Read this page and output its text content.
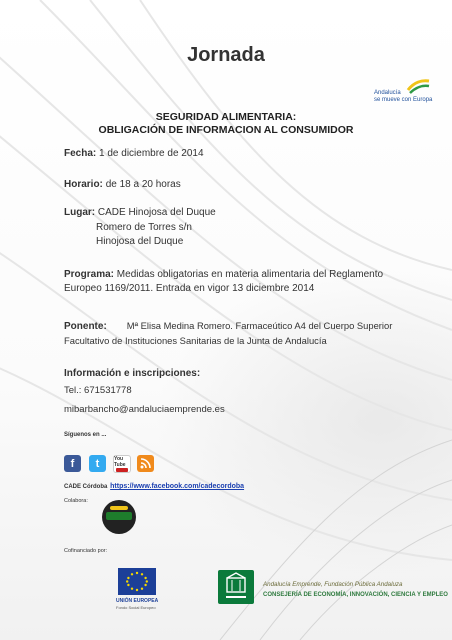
Jornada
Andalucía
se mueve con Europa
SEGURIDAD ALIMENTARIA:
OBLIGACIÓN DE INFORMACION AL CONSUMIDOR
Fecha: 1 de diciembre de 2014
Horario: de 18 a 20 horas
Lugar: CADE Hinojosa del Duque
Romero de Torres s/n
Hinojosa del Duque
Programa: Medidas obligatorias en materia alimentaria del Reglamento
Europeo 1169/2011. Entrada en vigor 13 diciembre 2014
Ponente: Mª Elisa Medina Romero. Farmaceútico A4 del Cuerpo Superior
Facultativo de Instituciones Sanitarias de la Junta de Andalucía
Información e inscripciones:
Tel.: 671531778
mibarbancho@andaluciaemprende.es
Síguenos en ...
f t	You Tube
CADE Córdoba https://www.facebook.com/cadecordoba
Colabora:
Cofinanciado por:
UNIÓN EUROPEA
Fondo Social Europeo
Andalucía Emprende, Fundación Pública Andaluza
CONSEJERÍA DE ECONOMÍA, INNOVACIÓN, CIENCIA Y EMPLEO
